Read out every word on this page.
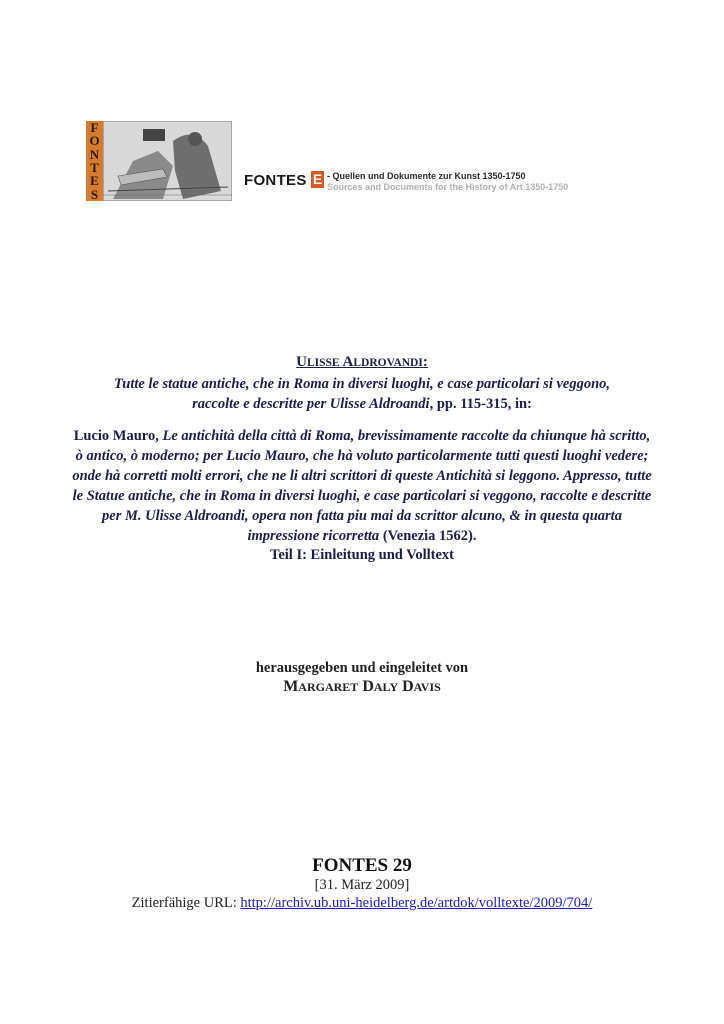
F
O
N
T
E
S
FONTES E - Quellen und Dokumente zur Kunst 1350-1750
Sources and Documents for the History of Art 1350-1750
ULISSE ALDROVANDI:
Tutte le statue antiche, che in Roma in diversi luoghi, e case particolari si veggono,
raccolte e descritte per Ulisse Aldroandi, pp. 115-315, in:
Lucio Mauro, Le antichità della città di Roma, brevissimamente raccolte da chiunque hà scritto, ò antico, ò moderno; per Lucio Mauro, che hà voluto particolarmente tutti questi luoghi vedere; onde hà corretti molti errori, che ne li altri scrittori di queste Antichità si leggono. Appresso, tutte le Statue antiche, che in Roma in diversi luoghi, e case particolari si veggono, raccolte e descritte per M. Ulisse Aldroandi, opera non fatta piu mai da scrittor alcuno, & in questa quarta impressione ricorretta (Venezia 1562).
Teil I: Einleitung und Volltext
herausgegeben und eingeleitet von
MARGARET DALY DAVIS
FONTES 29
[31. März 2009]
Zitierfähige URL: http://archiv.ub.uni-heidelberg.de/artdok/volltexte/2009/704/
